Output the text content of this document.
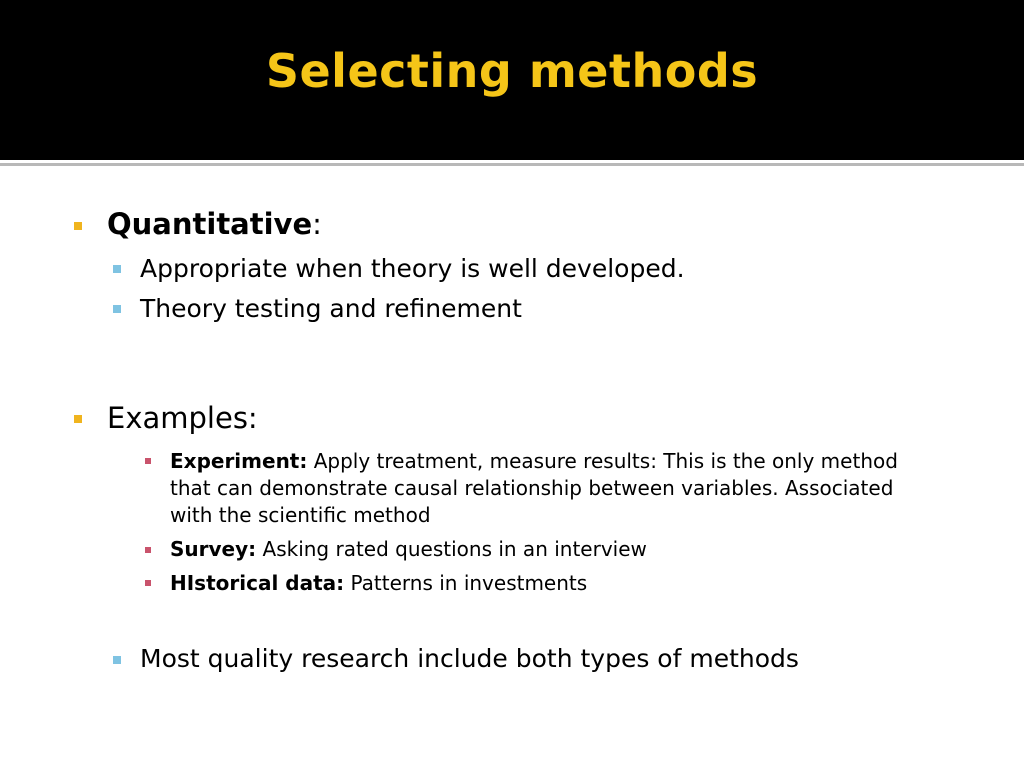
Selecting methods
Quantitative:
Appropriate when theory is well developed.
Theory testing and refinement
Examples:
Experiment: Apply treatment, measure results: This is the only method that can demonstrate causal relationship between variables. Associated with the scientific method
Survey: Asking rated questions in an interview
HIstorical data: Patterns in investments
Most quality research include both types of methods
